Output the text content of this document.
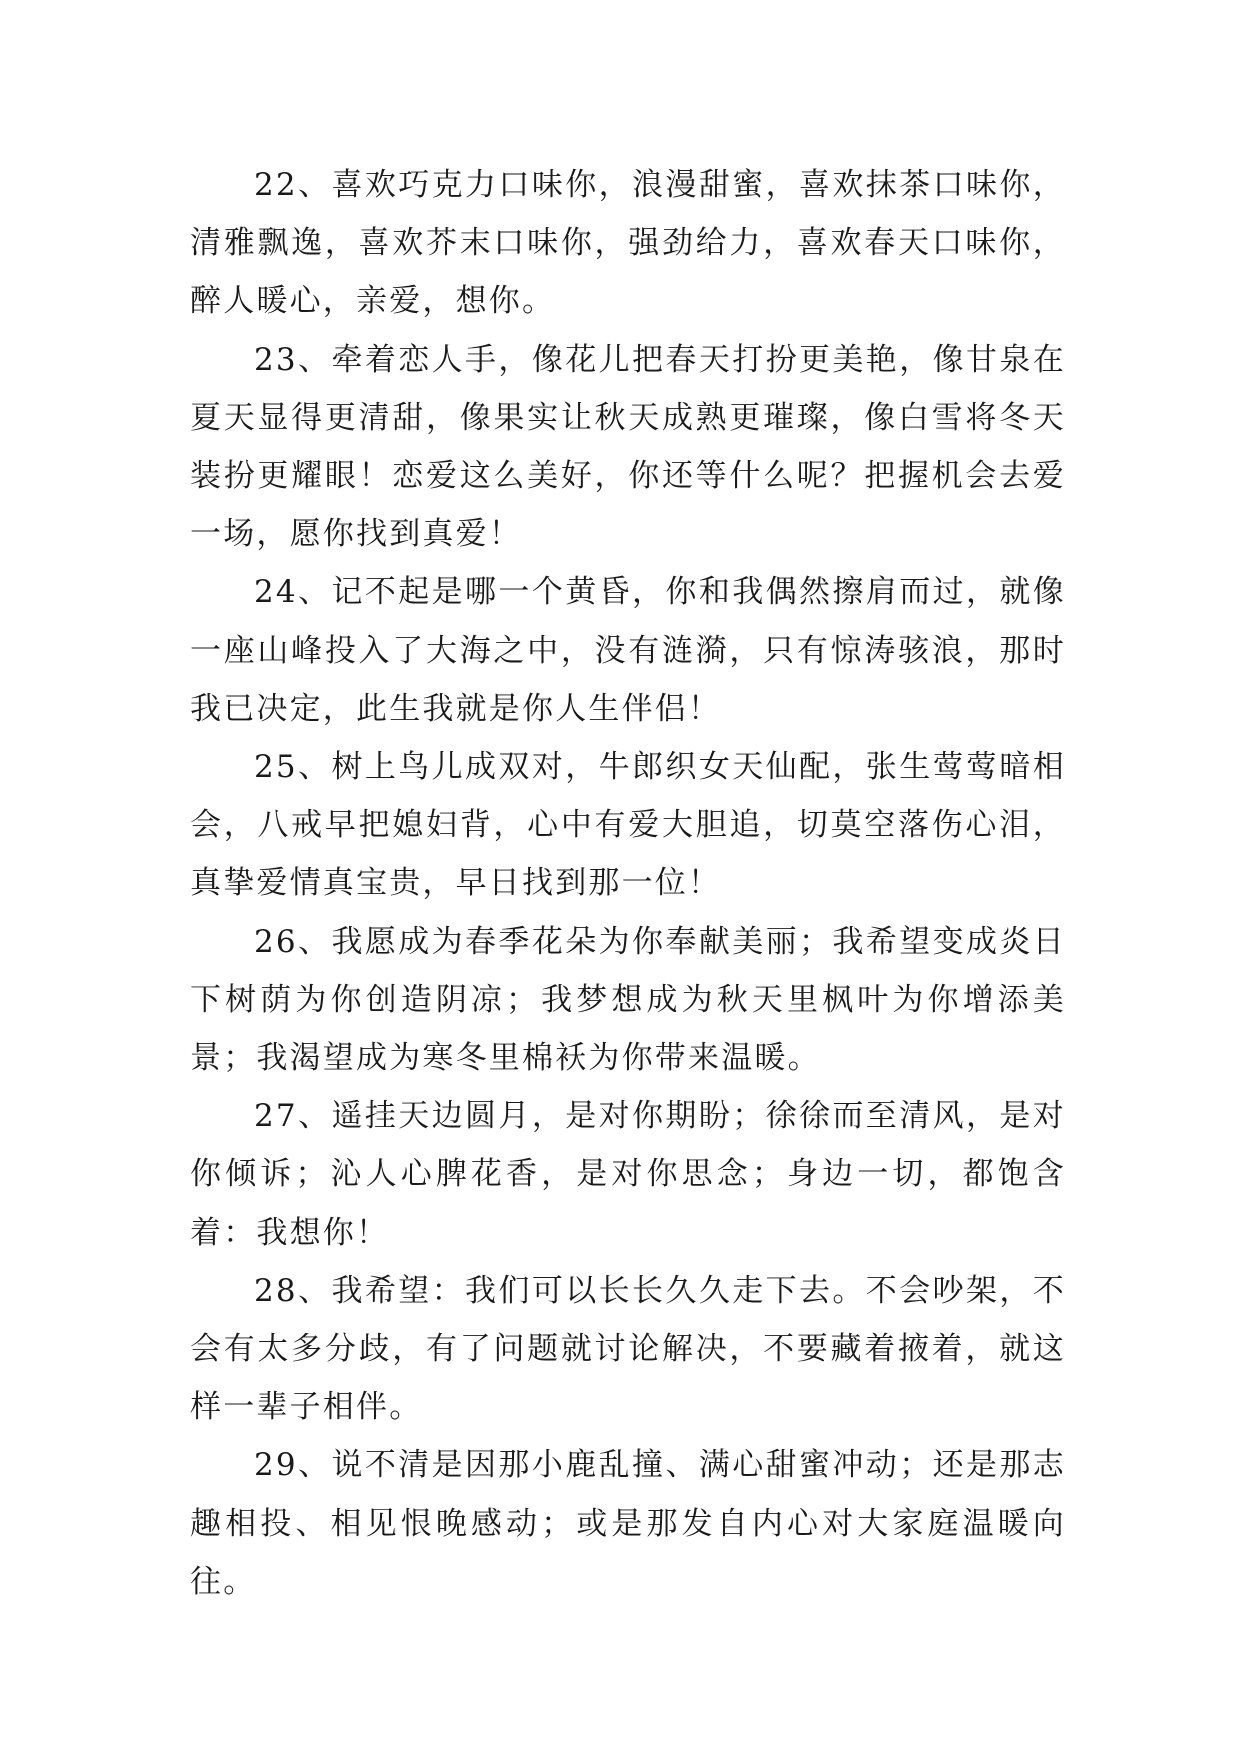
22、喜欢巧克力口味你，浪漫甜蜜，喜欢抹茶口味你，清雅飘逸，喜欢芥末口味你，强劲给力，喜欢春天口味你，醉人暖心，亲爱，想你。

23、牵着恋人手，像花儿把春天打扮更美艳，像甘泉在夏天显得更清甜，像果实让秋天成熟更璀璨，像白雪将冬天装扮更耀眼！恋爱这么美好，你还等什么呢？把握机会去爱一场，愿你找到真爱！

24、记不起是哪一个黄昏，你和我偶然擦肩而过，就像一座山峰投入了大海之中，没有涟漪，只有惊涛骇浪，那时我已决定，此生我就是你人生伴侣！

25、树上鸟儿成双对，牛郎织女天仙配，张生莺莺暗相会，八戒早把媳妇背，心中有爱大胆追，切莫空落伤心泪，真挚爱情真宝贵，早日找到那一位！

26、我愿成为春季花朵为你奉献美丽；我希望变成炎日下树荫为你创造阴凉；我梦想成为秋天里枫叶为你增添美景；我渴望成为寒冬里棉袄为你带来温暖。

27、遥挂天边圆月，是对你期盼；徐徐而至清风，是对你倾诉；沁人心脾花香，是对你思念；身边一切，都饱含着：我想你！

28、我希望：我们可以长长久久走下去。不会吵架，不会有太多分歧，有了问题就讨论解决，不要藏着掖着，就这样一辈子相伴。

29、说不清是因那小鹿乱撞、满心甜蜜冲动；还是那志趣相投、相见恨晚感动；或是那发自内心对大家庭温暖向往。
